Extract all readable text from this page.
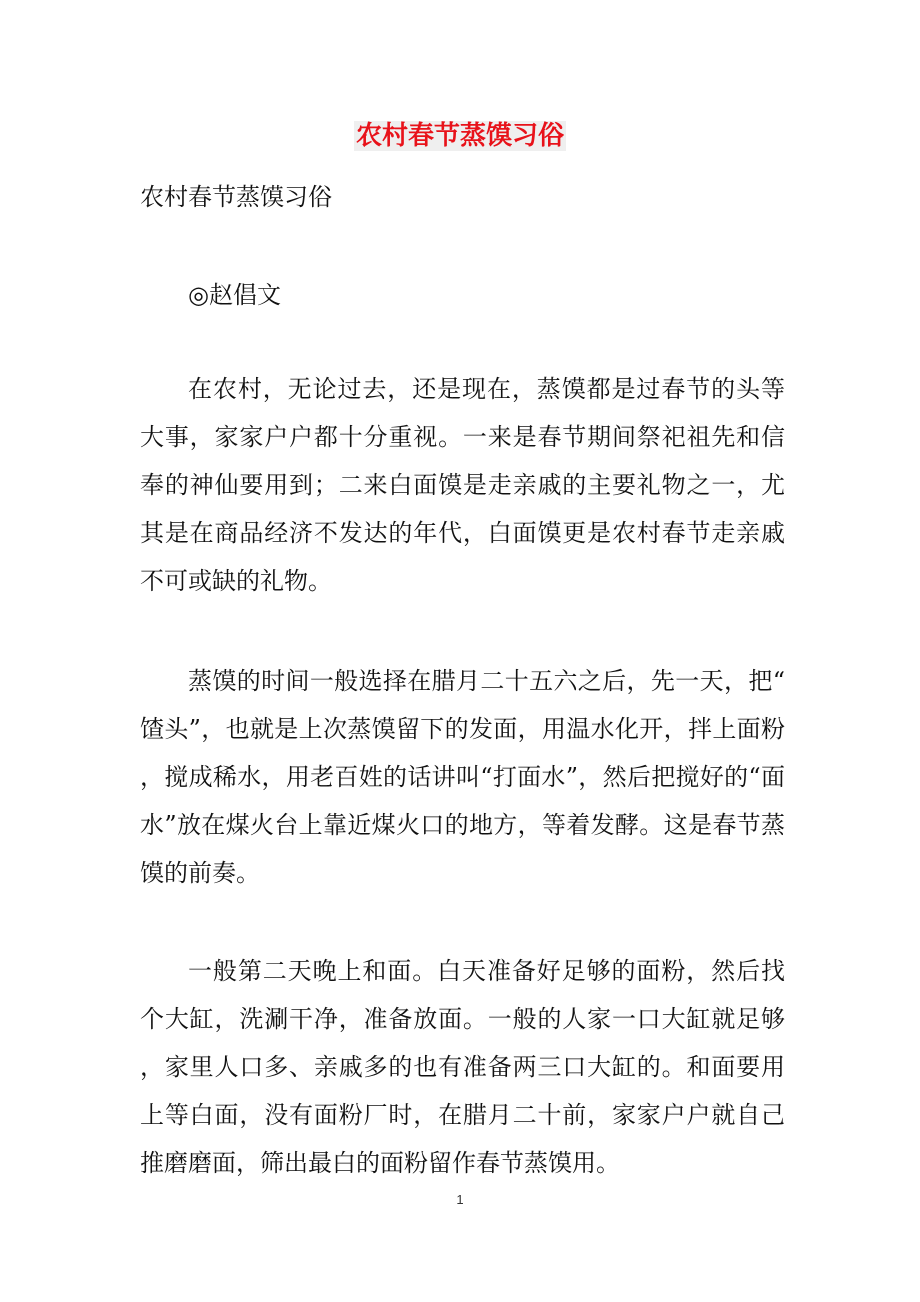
农村春节蒸馍习俗

农村春节蒸馍习俗

◎赵倡文

在农村，无论过去，还是现在，蒸馍都是过春节的头等大事，家家户户都十分重视。一来是春节期间祭祀祖先和信奉的神仙要用到；二来白面馍是走亲戚的主要礼物之一，尤其是在商品经济不发达的年代，白面馍更是农村春节走亲戚不可或缺的礼物。

蒸馍的时间一般选择在腊月二十五六之后，先一天，把“馇头”，也就是上次蒸馍留下的发面，用温水化开，拌上面粉，搅成稀水，用老百姓的话讲叫“打面水”，然后把搅好的“面水”放在煤火台上靠近煤火口的地方，等着发酵。这是春节蒸馍的前奏。

一般第二天晚上和面。白天准备好足够的面粉，然后找个大缸，洗涮干净，准备放面。一般的人家一口大缸就足够，家里人口多、亲戚多的也有准备两三口大缸的。和面要用上等白面，没有面粉厂时，在腊月二十前，家家户户就自己推磨磨面，筛出最白的面粉留作春节蒸馍用。

1
